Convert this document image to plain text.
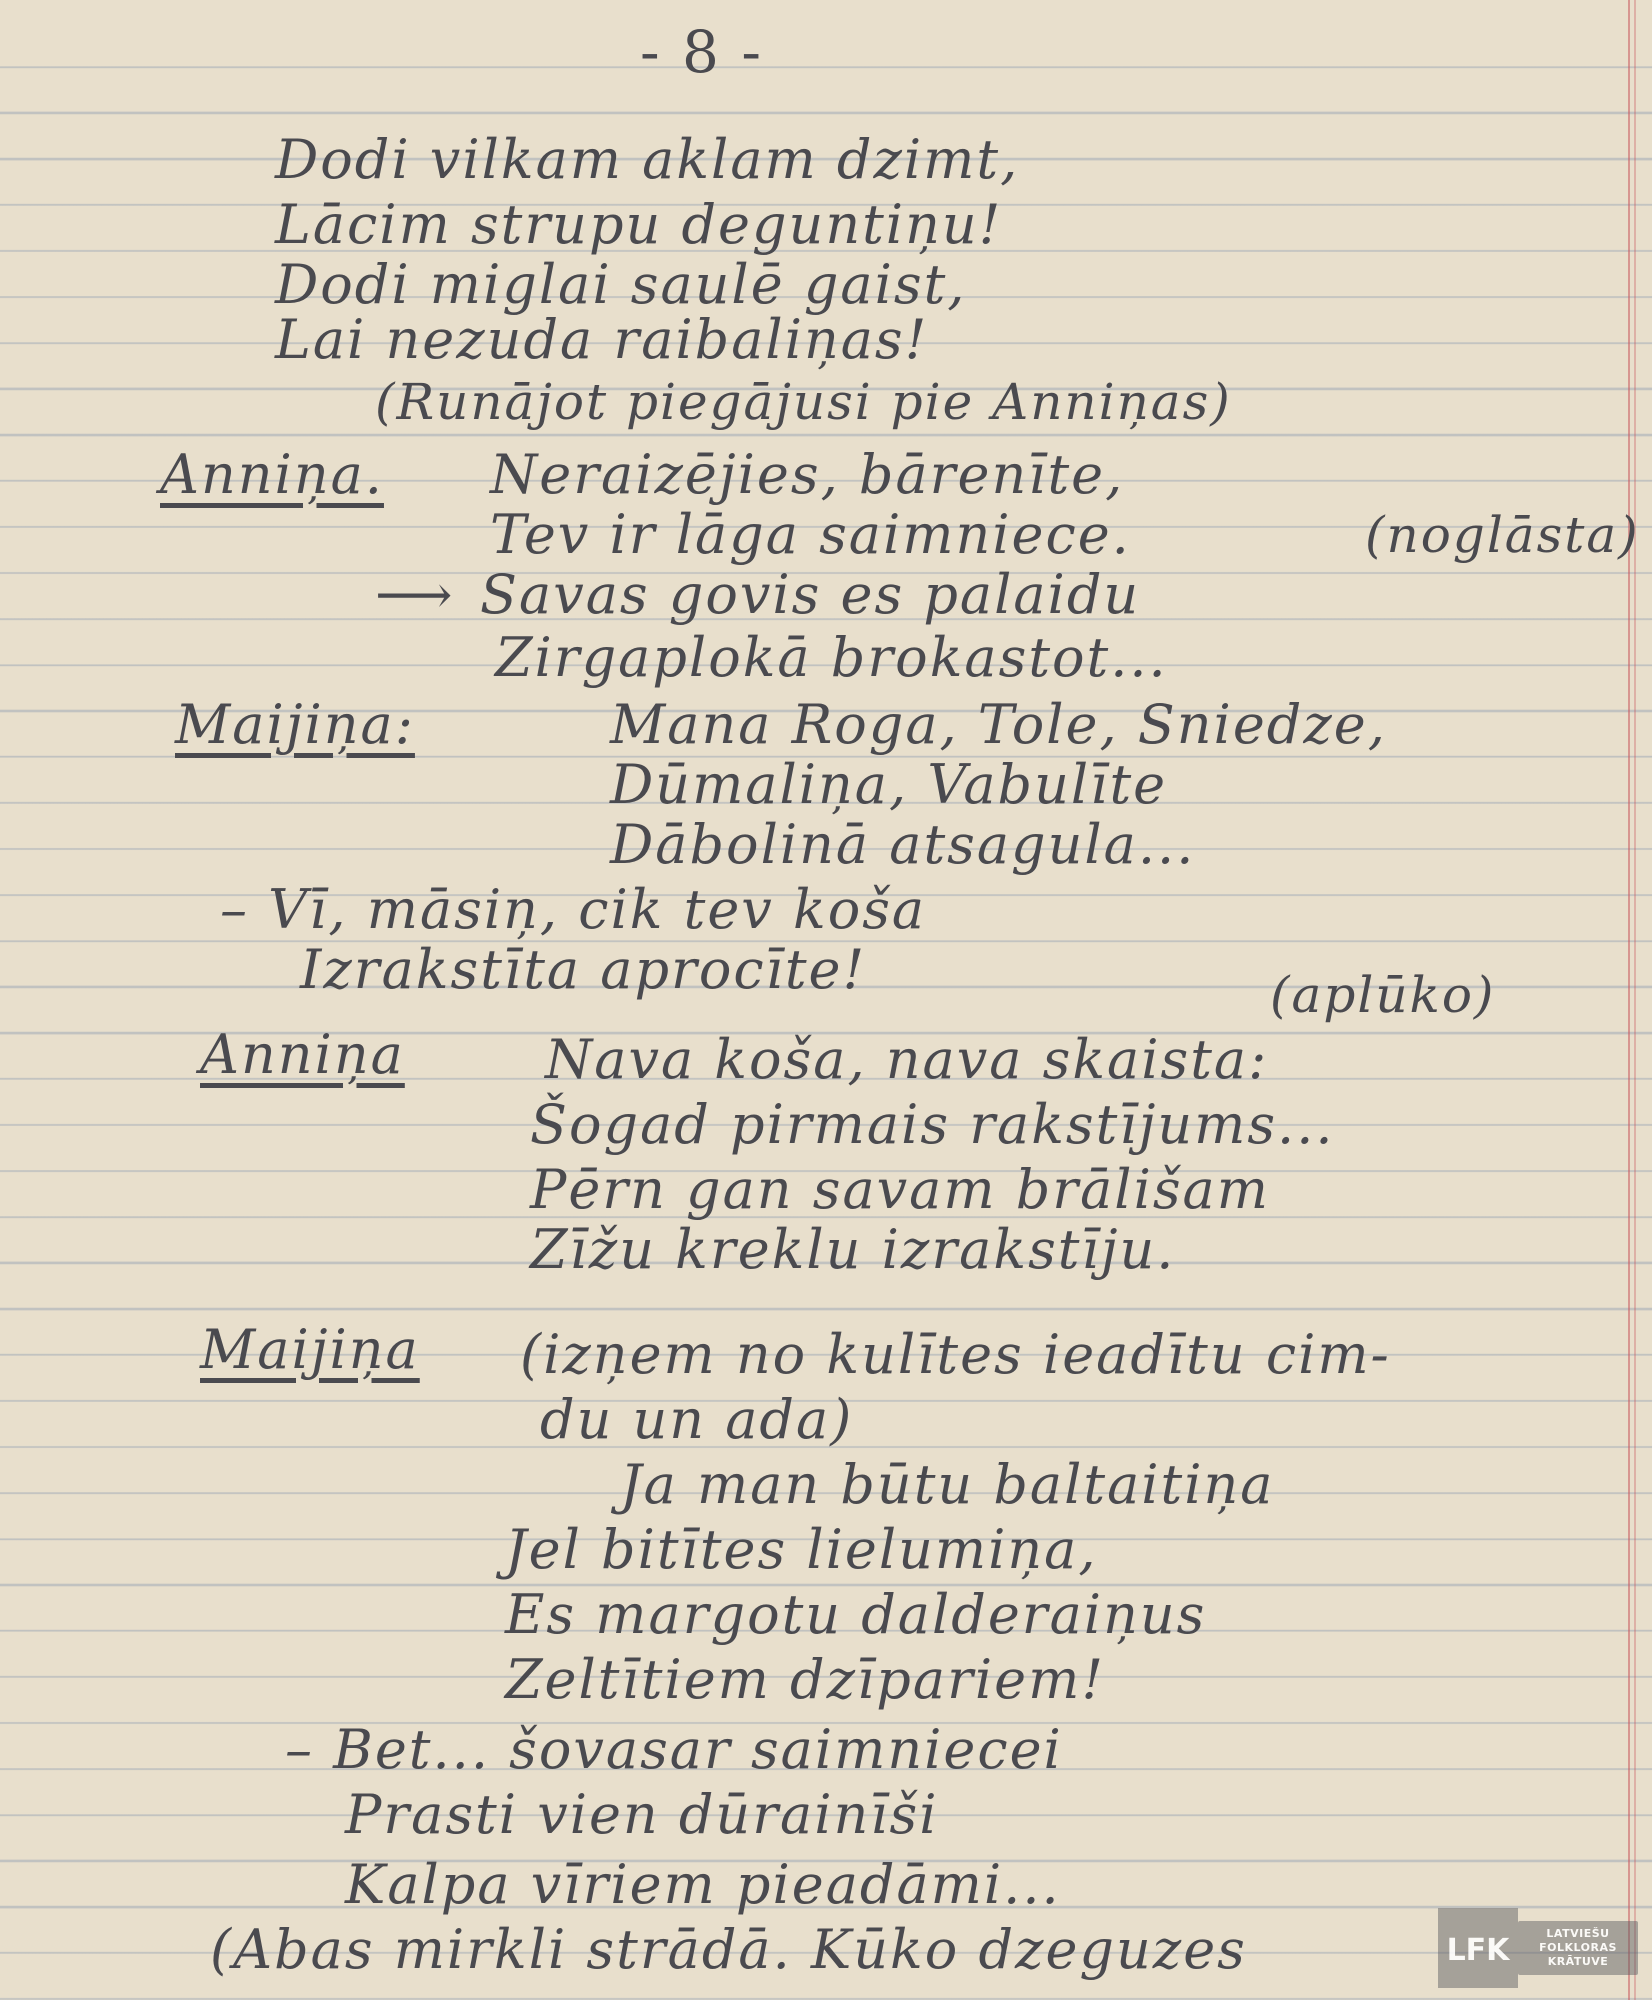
- 8 -
Dodi vilkam aklam dzimt,
Lācim strupu deguntiņu!
Dodi miglai saulē gaist,
Lai nezuda raibaliņas!
(Runājot piegājusi pie Anniņas)
Anniņa. Neraizējies, bārenīte,
Tev ir lāga saimniece.	(noglāsta)
⟶ Savas govis es palaidu
Zirgaplokā brokastot...
Maijiņa:	Mana Roga, Tole, Sniedze,
Dūmaliņa, Vabulīte
Dābolinā atsagula...
– Vī, māsiņ, cik tev koša
Izrakstīta aprocīte!	(aplūko)
Anniņa	Nava koša, nava skaista:
Šogad pirmais rakstījums...
Pērn gan savam brālišam
Zīžu kreklu izrakstīju.
Maijiņa (izņem no kulītes ieadītu cim-
du un ada)
Ja man būtu baltaitiņa
Jel bitītes lielumiņa,
Es margotu dalderaiņus
Zeltītiem dzīpariem!
– Bet... šovasar saimniecei
Prasti vien dūrainīši
Kalpa vīriem pieadāmi...
(Abas mirkli strādā. Kūko dzeguzes	LFK	LATVIEŠU FOLKLORAS KRĀTUVE
